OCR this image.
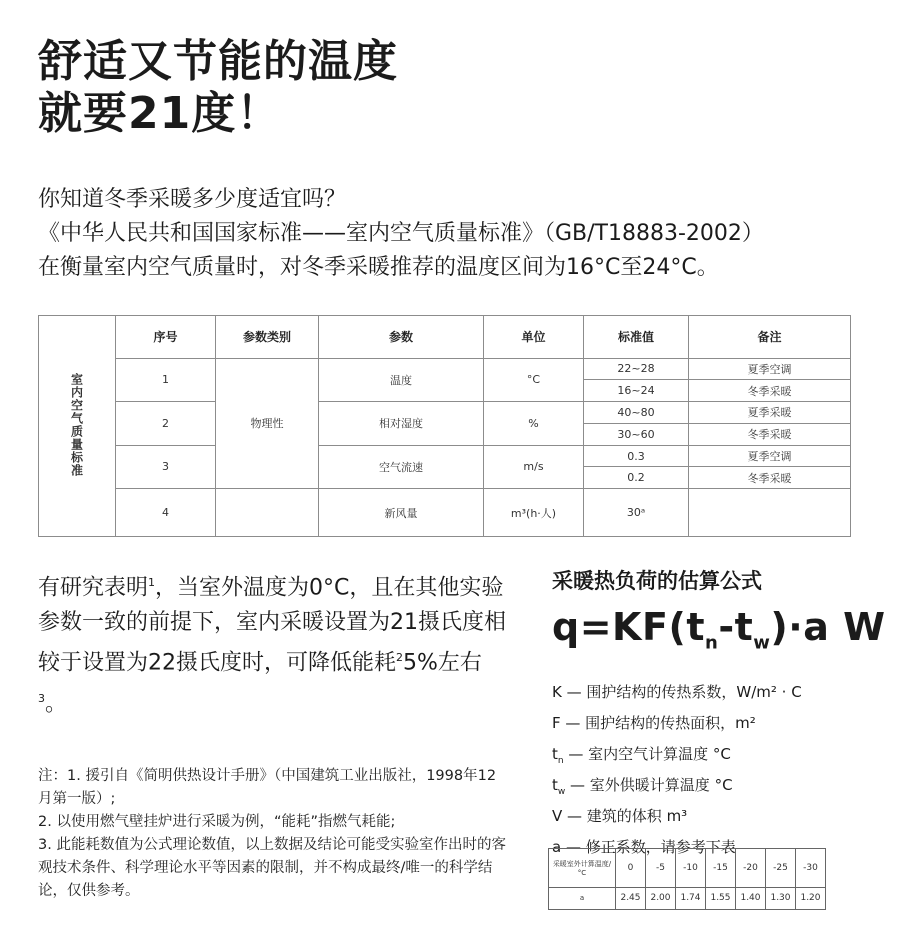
舒适又节能的温度
就要21度！
你知道冬季采暖多少度适宜吗？
《中华人民共和国国家标准——室内空气质量标准》（GB/T18883-2002）
在衡量室内空气质量时，对冬季采暖推荐的温度区间为16°C至24°C。
室内空气质量标准	序号	参数类别	参数	单位	标准值	备注
	1	物理性	温度	°C	22~28	夏季空调
					16~24	冬季采暖
	2		相对湿度	%	40~80	夏季采暖
					30~60	冬季采暖
	3		空气流速	m/s	0.3	夏季空调
					0.2	冬季采暖
	4		新风量	m³(h·人)	30ᵃ	
有研究表明$^1$，当室外温度为0°C，且在其他实验参数一致的前提下，室内采暖设置为21摄氏度相较于设置为22摄氏度时，可降低能耗$^2$5%左右$^3$。
注：1. 援引自《简明供热设计手册》（中国建筑工业出版社，1998年12月第一版）;
2. 以使用燃气壁挂炉进行采暖为例，“能耗”指燃气耗能;
3. 此能耗数值为公式理论数值，以上数据及结论可能受实验室作出时的客观技术条件、科学理论水平等因素的限制，并不构成最终/唯一的科学结论，仅供参考。
采暖热负荷的估算公式
$q=KF(t_n-t_w)\cdot a$ W
K — 围护结构的传热系数，W/m² · C
F — 围护结构的传热面积，m²
$t_n$ — 室内空气计算温度 °C
$t_w$ — 室外供暖计算温度 °C
V — 建筑的体积 m³
a — 修正系数，请参考下表
采暖室外计算温度/°C	0	-5	-10	-15	-20	-25	-30
a	2.45	2.00	1.74	1.55	1.40	1.30	1.20
